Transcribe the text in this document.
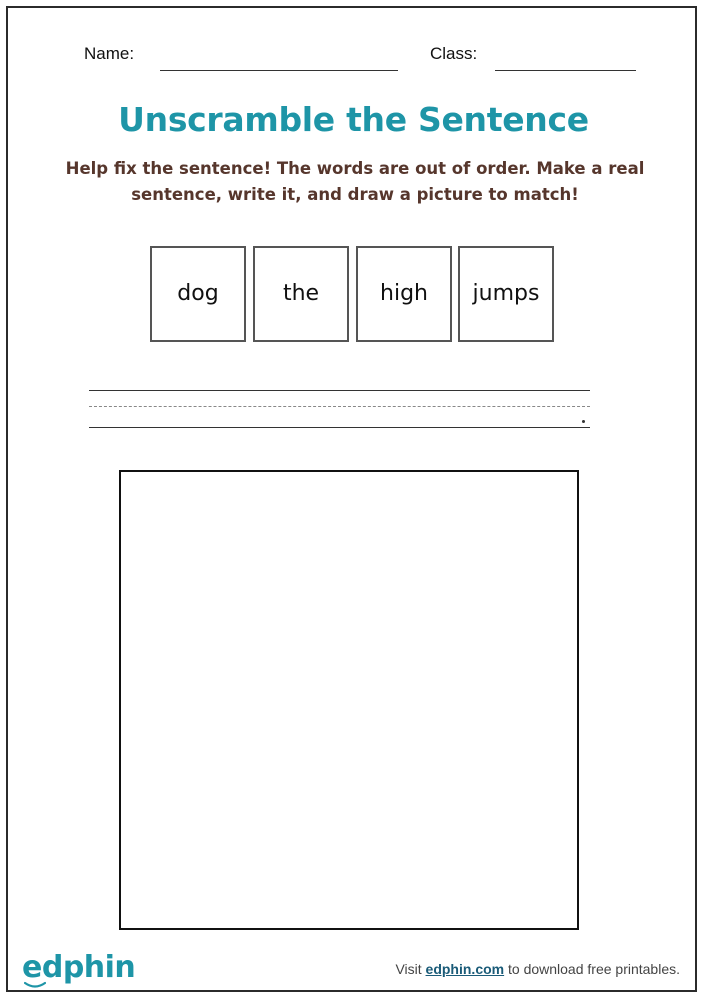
Name:	Class:
Unscramble the Sentence
Help fix the sentence! The words are out of order. Make a real sentence, write it, and draw a picture to match!
dog	the	high jumps
edphin	Visit edphin.com to download free printables.
